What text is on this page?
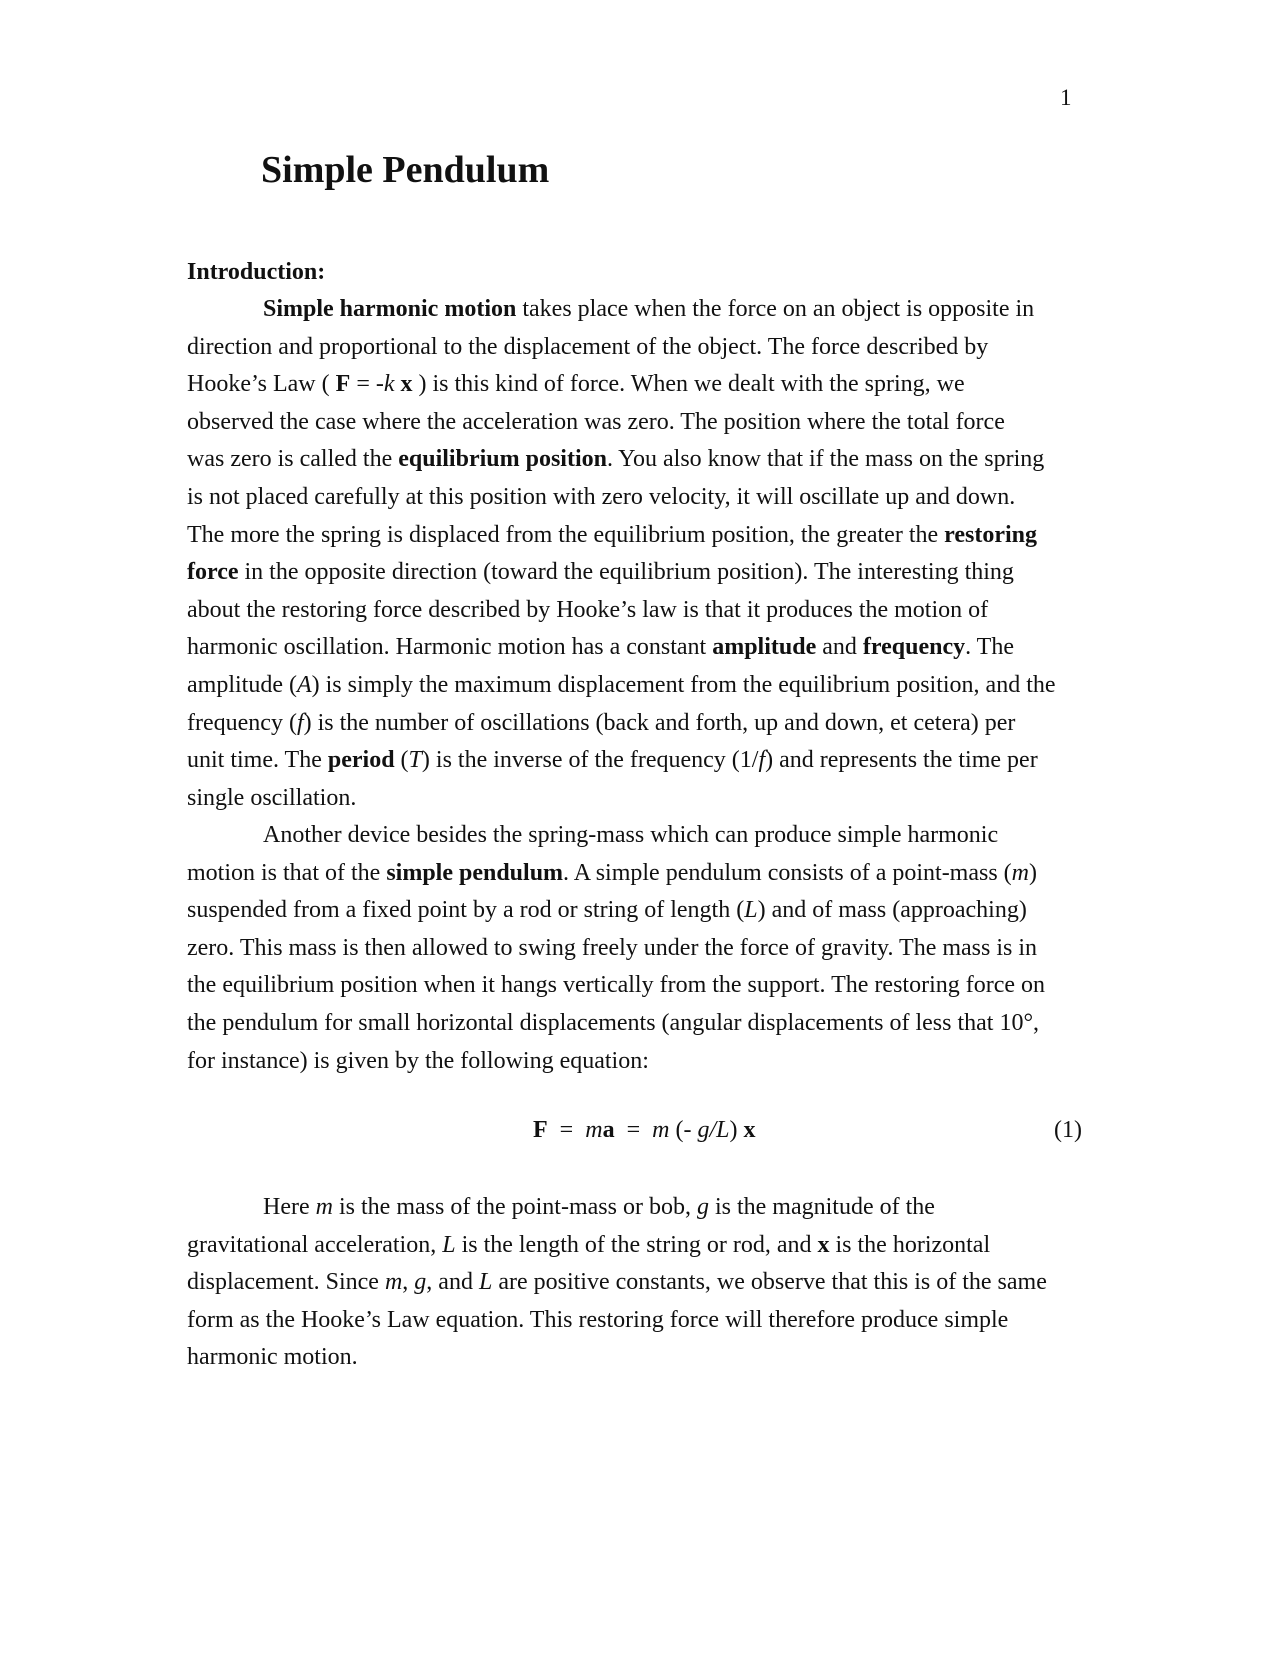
1
Simple Pendulum
Introduction:
Simple harmonic motion takes place when the force on an object is opposite in
direction and proportional to the displacement of the object. The force described by
Hooke’s Law ( F = -k x ) is this kind of force. When we dealt with the spring, we
observed the case where the acceleration was zero. The position where the total force
was zero is called the equilibrium position. You also know that if the mass on the spring
is not placed carefully at this position with zero velocity, it will oscillate up and down.
The more the spring is displaced from the equilibrium position, the greater the restoring
force in the opposite direction (toward the equilibrium position). The interesting thing
about the restoring force described by Hooke’s law is that it produces the motion of
harmonic oscillation. Harmonic motion has a constant amplitude and frequency. The
amplitude (A) is simply the maximum displacement from the equilibrium position, and the
frequency (f) is the number of oscillations (back and forth, up and down, et cetera) per
unit time. The period (T) is the inverse of the frequency (1/f) and represents the time per
single oscillation.
Another device besides the spring-mass which can produce simple harmonic
motion is that of the simple pendulum. A simple pendulum consists of a point-mass (m)
suspended from a fixed point by a rod or string of length (L) and of mass (approaching)
zero. This mass is then allowed to swing freely under the force of gravity. The mass is in
the equilibrium position when it hangs vertically from the support. The restoring force on
the pendulum for small horizontal displacements (angular displacements of less that 10°,
for instance) is given by the following equation:
F  =  ma  =  m (- g/L) x	(1)
Here m is the mass of the point-mass or bob, g is the magnitude of the
gravitational acceleration, L is the length of the string or rod, and x is the horizontal
displacement. Since m, g, and L are positive constants, we observe that this is of the same
form as the Hooke’s Law equation. This restoring force will therefore produce simple
harmonic motion.
